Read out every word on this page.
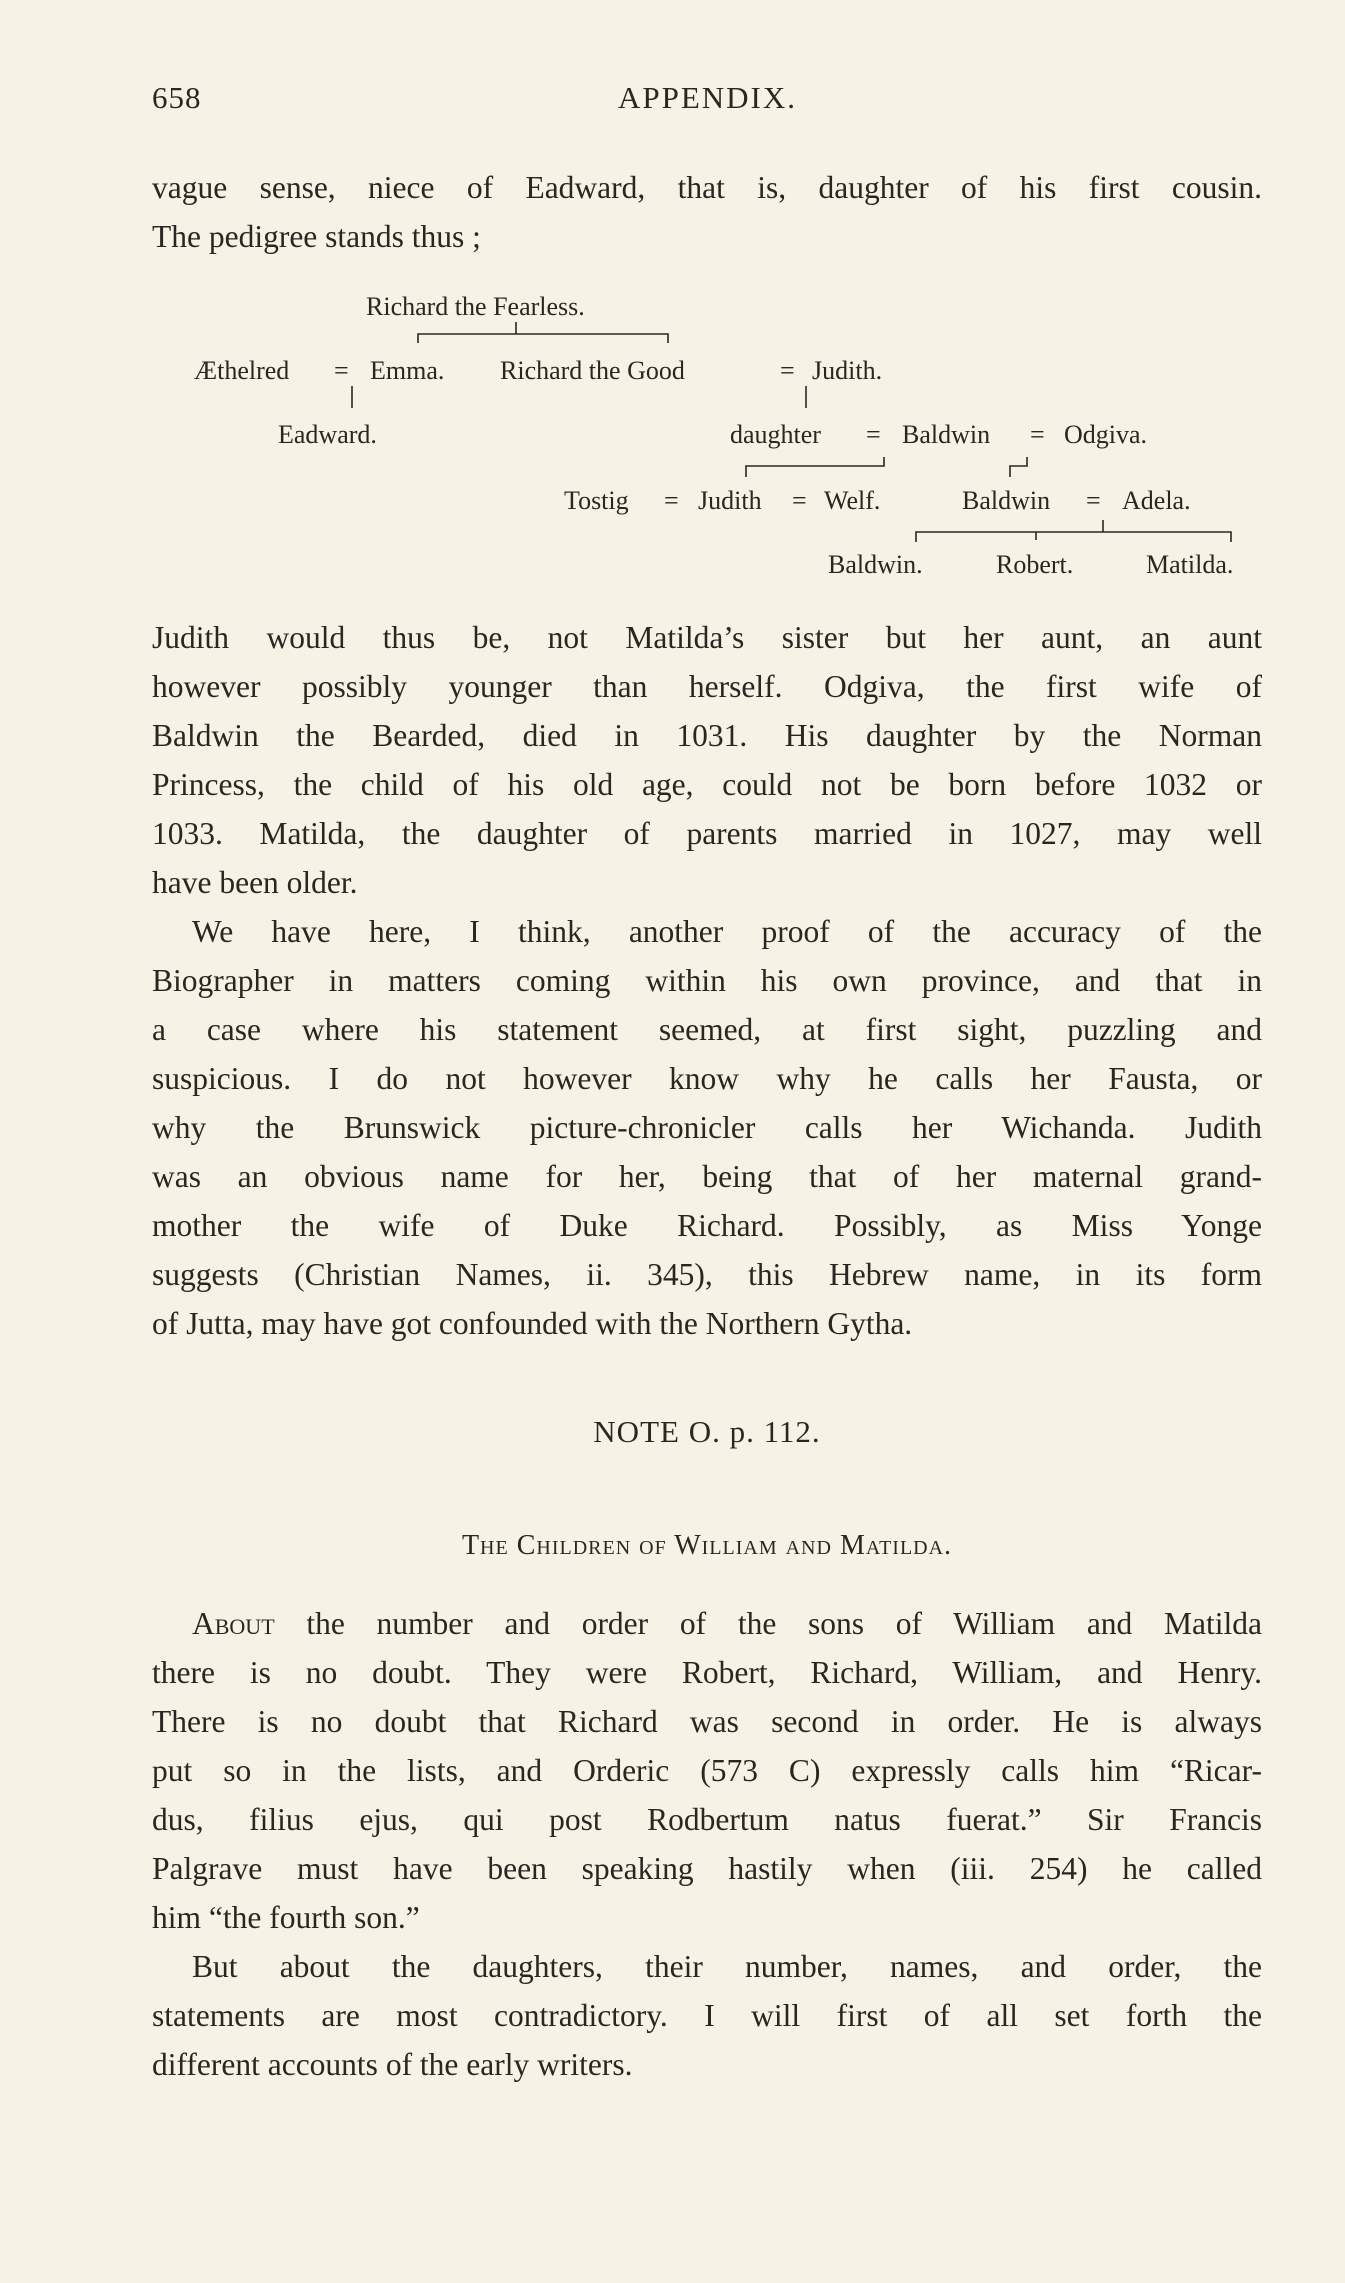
658	APPENDIX.
vague sense, niece of Eadward, that is, daughter of his first cousin.
The pedigree stands thus ;
Richard the Fearless.
Æthelred = Emma. Richard the Good	= Judith.
Eadward.	daughter = Baldwin = Odgiva.
Tostig = Judith = Welf.	Baldwin = Adela.
Baldwin.	Robert.	Matilda.
Judith would thus be, not Matilda’s sister but her aunt, an aunt
however possibly younger than herself. Odgiva, the first wife of
Baldwin the Bearded, died in 1031. His daughter by the Norman
Princess, the child of his old age, could not be born before 1032 or
1033. Matilda, the daughter of parents married in 1027, may well
have been older.
We have here, I think, another proof of the accuracy of the
Biographer in matters coming within his own province, and that in
a case where his statement seemed, at first sight, puzzling and
suspicious. I do not however know why he calls her Fausta, or
why the Brunswick picture-chronicler calls her Wichanda. Judith
was an obvious name for her, being that of her maternal grand-
mother the wife of Duke Richard. Possibly, as Miss Yonge
suggests (Christian Names, ii. 345), this Hebrew name, in its form
of Jutta, may have got confounded with the Northern Gytha.
NOTE O. p. 112.
The Children of William and Matilda.
About the number and order of the sons of William and Matilda
there is no doubt. They were Robert, Richard, William, and Henry.
There is no doubt that Richard was second in order. He is always
put so in the lists, and Orderic (573 C) expressly calls him “Ricar-
dus, filius ejus, qui post Rodbertum natus fuerat.” Sir Francis
Palgrave must have been speaking hastily when (iii. 254) he called
him “the fourth son.”
But about the daughters, their number, names, and order, the
statements are most contradictory. I will first of all set forth the
different accounts of the early writers.
